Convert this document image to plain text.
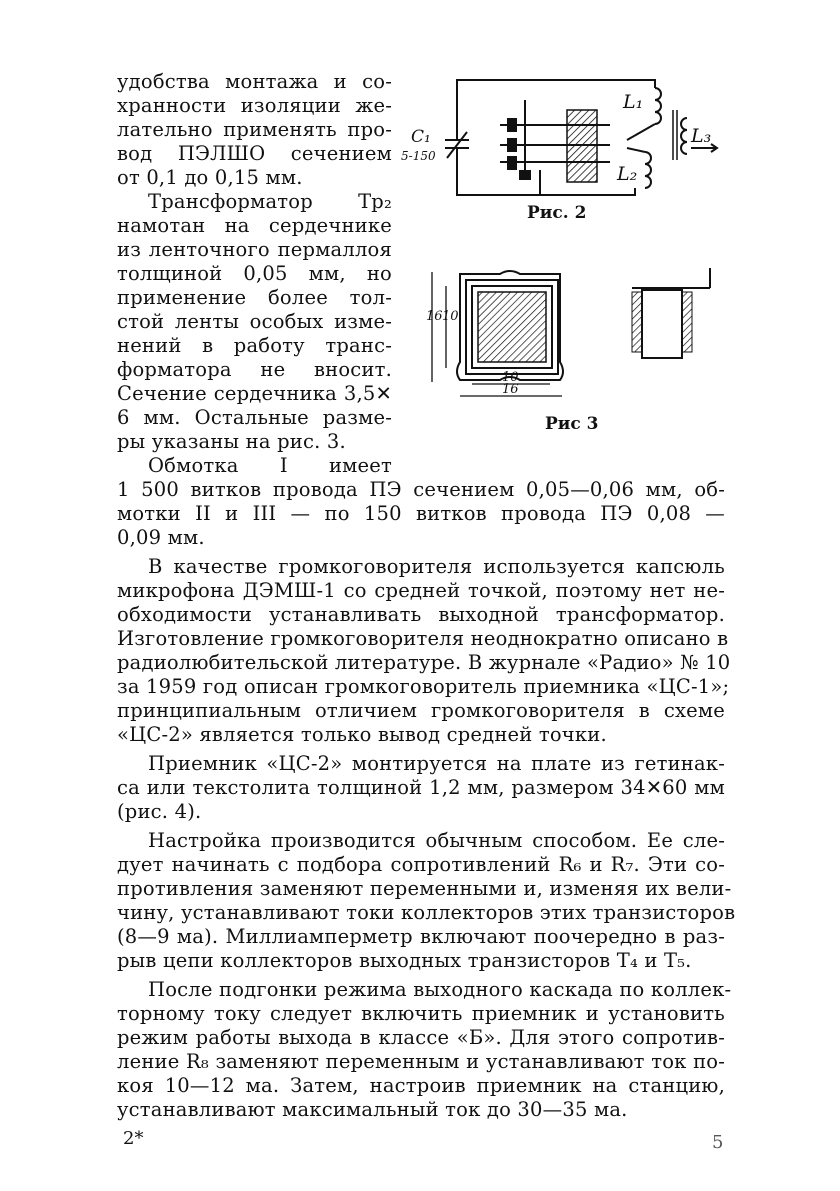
удобства монтажа и со-
хранности изоляции же-
лательно применять про-
вод ПЭЛШО сечением
от 0,1 до 0,15 мм.
Трансформатор Tp₂
намотан на сердечнике
из ленточного пермаллоя
толщиной 0,05 мм, но
применение более тол-
стой ленты особых изме-
нений в работу транс-
форматора не вносит.
Сечение сердечника 3,5✕
6 мм. Остальные разме-
ры указаны на рис. 3.
Обмотка I имеет
1 500 витков провода ПЭ сечением 0,05—0,06 мм, об-
мотки II и III — по 150 витков провода ПЭ 0,08 —
0,09 мм.
В качестве громкоговорителя используется капсюль
микрофона ДЭМШ-1 со средней точкой, поэтому нет не-
обходимости устанавливать выходной трансформатор.
Изготовление громкоговорителя неоднократно описано в
радиолюбительской литературе. В журнале «Радио» № 10
за 1959 год описан громкоговоритель приемника «ЦС-1»;
принципиальным отличием громкоговорителя в схеме
«ЦС-2» является только вывод средней точки.
Приемник «ЦС-2» монтируется на плате из гетинак-
са или текстолита толщиной 1,2 мм, размером 34✕60 мм
(рис. 4).
Настройка производится обычным способом. Ее сле-
дует начинать с подбора сопротивлений R₆ и R₇. Эти со-
противления заменяют переменными и, изменяя их вели-
чину, устанавливают токи коллекторов этих транзисторов
(8—9 ма). Миллиамперметр включают поочередно в раз-
рыв цепи коллекторов выходных транзисторов T₄ и T₅.
После подгонки режима выходного каскада по коллек-
торному току следует включить приемник и установить
режим работы выхода в классе «Б». Для этого сопротив-
ление R₈ заменяют переменным и устанавливают ток по-
коя 10—12 ма. Затем, настроив приемник на станцию,
устанавливают максимальный ток до 30—35 ма.
C₁
5-150
L₁
L₂
L₃
Рис. 2
16 10
10
16
Рис 3
2*	5
